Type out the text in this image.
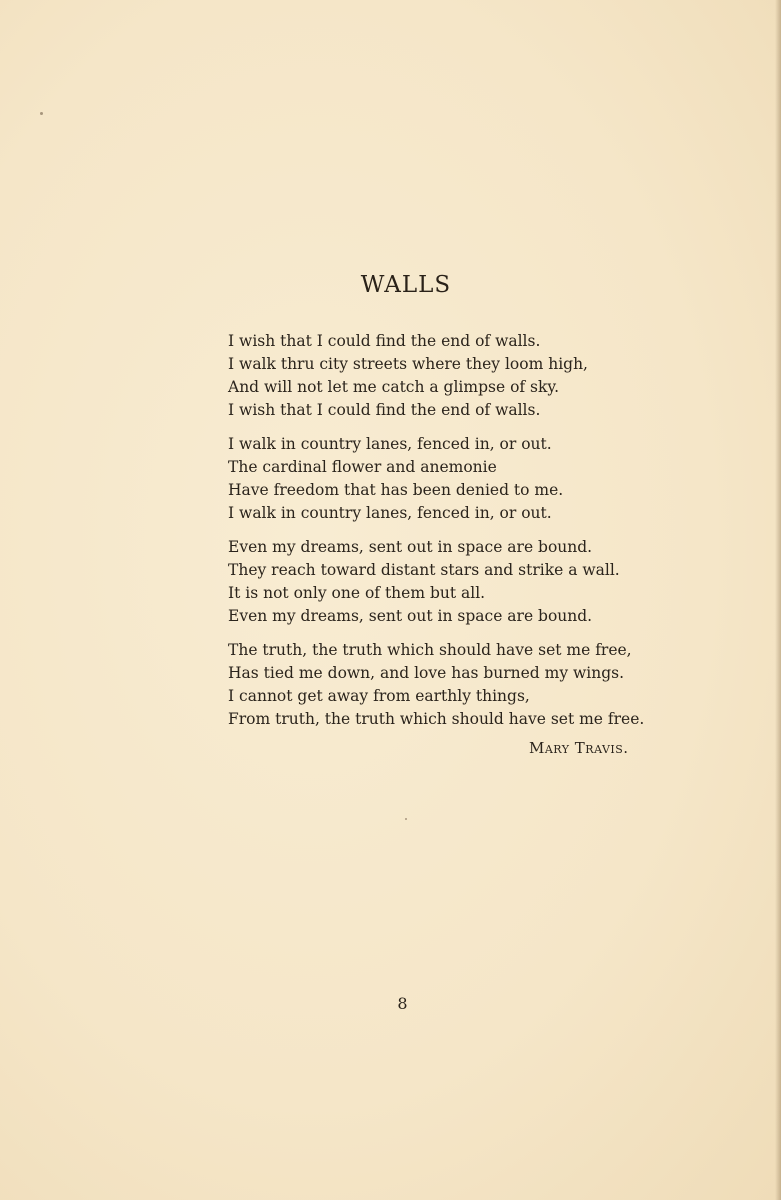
WALLS
I wish that I could find the end of walls.
I walk thru city streets where they loom high,
And will not let me catch a glimpse of sky.
I wish that I could find the end of walls.
I walk in country lanes, fenced in, or out.
The cardinal flower and anemonie
Have freedom that has been denied to me.
I walk in country lanes, fenced in, or out.
Even my dreams, sent out in space are bound.
They reach toward distant stars and strike a wall.
It is not only one of them but all.
Even my dreams, sent out in space are bound.
The truth, the truth which should have set me free,
Has tied me down, and love has burned my wings.
I cannot get away from earthly things,
From truth, the truth which should have set me free.
Mary Travis.
8
